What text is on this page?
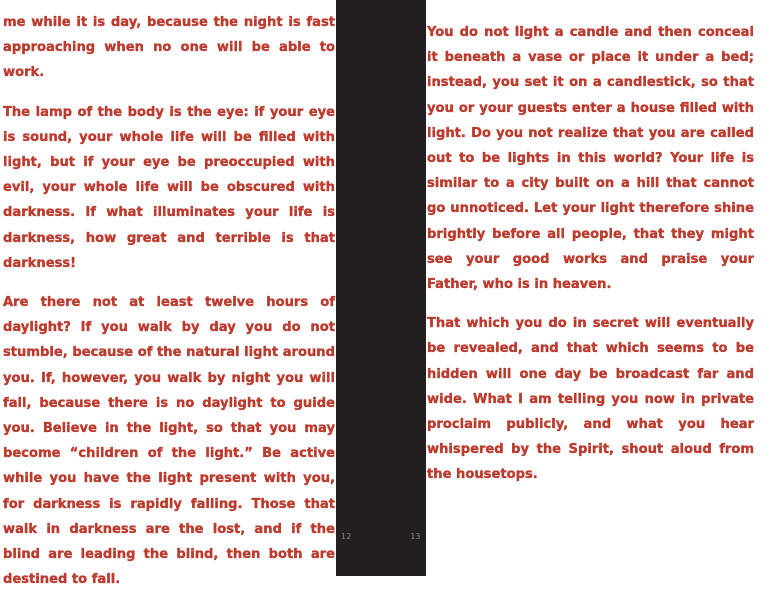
me while it is day, because the night is fast approaching when no one will be able to work.

The lamp of the body is the eye: if your eye is sound, your whole life will be filled with light, but if your eye be preoccupied with evil, your whole life will be obscured with darkness. If what illuminates your life is darkness, how great and terrible is that darkness!

Are there not at least twelve hours of daylight? If you walk by day you do not stumble, because of the natural light around you. If, however, you walk by night you will fall, because there is no daylight to guide you. Believe in the light, so that you may become “children of the light.” Be active while you have the light present with you, for darkness is rapidly falling. Those that walk in darkness are the lost, and if the blind are leading the blind, then both are destined to fall.

12	13

You do not light a candle and then conceal it beneath a vase or place it under a bed; instead, you set it on a candlestick, so that you or your guests enter a house filled with light. Do you not realize that you are called out to be lights in this world? Your life is similar to a city built on a hill that cannot go unnoticed. Let your light therefore shine brightly before all people, that they might see your good works and praise your Father, who is in heaven.

That which you do in secret will eventually be revealed, and that which seems to be hidden will one day be broadcast far and wide. What I am telling you now in private proclaim publicly, and what you hear whispered by the Spirit, shout aloud from the housetops.
